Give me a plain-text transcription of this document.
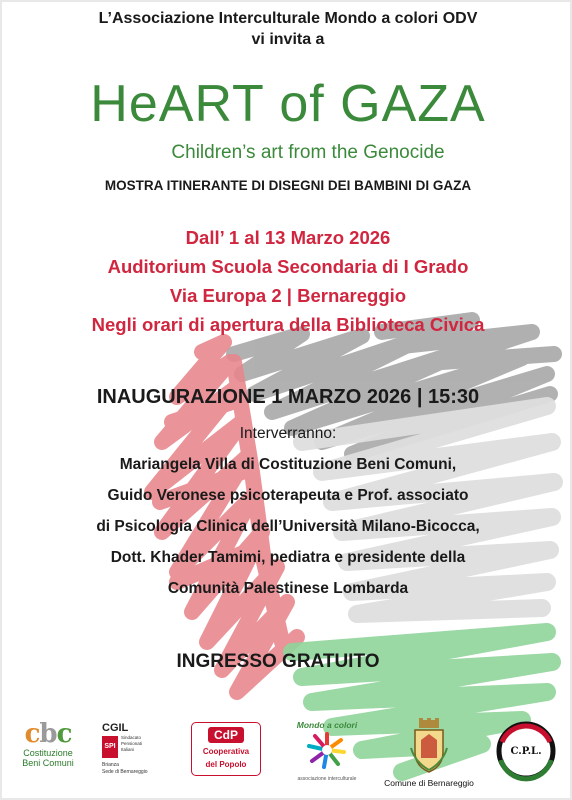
L’Associazione Interculturale Mondo a colori ODV
vi invita a
HeART of GAZA
Children’s art from the Genocide
MOSTRA ITINERANTE DI DISEGNI DEI BAMBINI DI GAZA
Dall’ 1 al 13 Marzo 2026
Auditorium Scuola Secondaria di I Grado
Via Europa 2 | Bernareggio
Negli orari di apertura della Biblioteca Civica
INAUGURAZIONE 1 MARZO 2026 | 15:30
Interverranno:
Mariangela Villa di Costituzione Beni Comuni,
Guido Veronese psicoterapeuta e Prof. associato
di Psicologia Clinica dell’Università Milano-Bicocca,
Dott. Khader Tamimi, pediatra e presidente della
Comunità Palestinese Lombarda
INGRESSO GRATUITO
cbc
Costituzione
Beni Comuni
CGIL
SPI
Sindacato
Pensionati
Italiani
Brianza
Sede di Bernareggio
CdP
Cooperativa
del Popolo
Mondo a colori
associazione interculturale	Comune di Bernareggio
C.P.L.
